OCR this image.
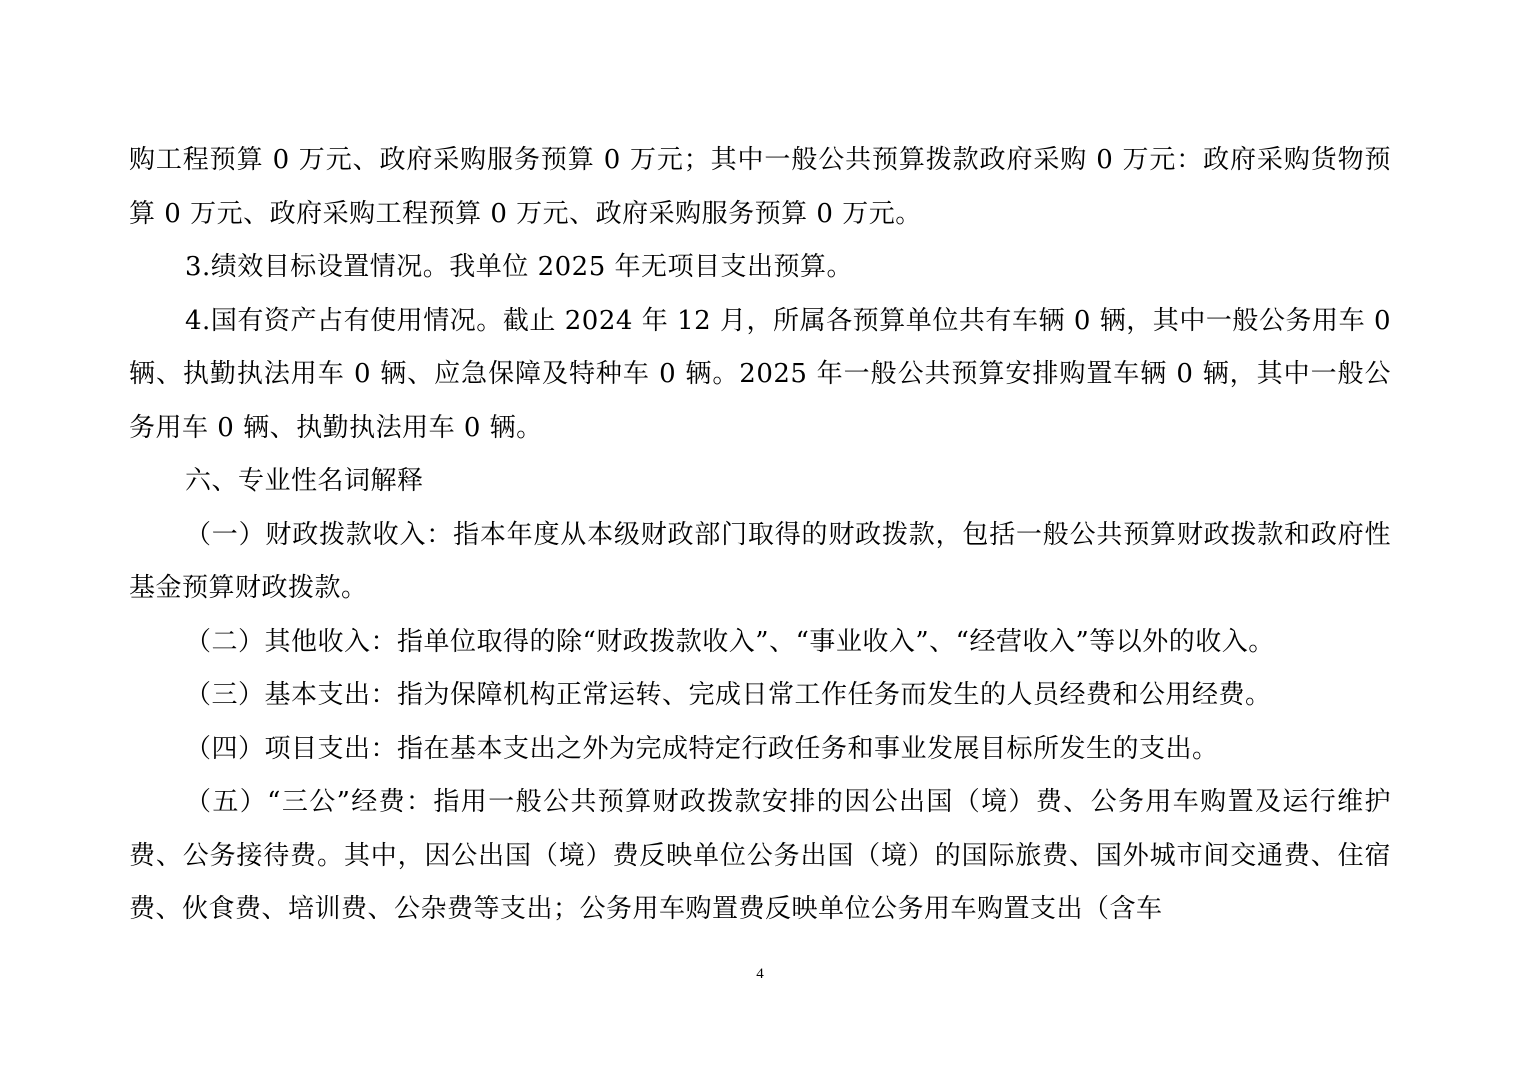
购工程预算 0 万元、政府采购服务预算 0 万元；其中一般公共预算拨款政府采购 0 万元：政府采购货物预算 0 万元、政府采购工程预算 0 万元、政府采购服务预算 0 万元。

3.绩效目标设置情况。我单位 2025 年无项目支出预算。

4.国有资产占有使用情况。截止 2024 年 12 月，所属各预算单位共有车辆 0 辆，其中一般公务用车 0 辆、执勤执法用车 0 辆、应急保障及特种车 0 辆。2025 年一般公共预算安排购置车辆 0 辆，其中一般公务用车 0 辆、执勤执法用车 0 辆。

六、专业性名词解释

（一）财政拨款收入：指本年度从本级财政部门取得的财政拨款，包括一般公共预算财政拨款和政府性基金预算财政拨款。

（二）其他收入：指单位取得的除“财政拨款收入”、“事业收入”、“经营收入”等以外的收入。

（三）基本支出：指为保障机构正常运转、完成日常工作任务而发生的人员经费和公用经费。

（四）项目支出：指在基本支出之外为完成特定行政任务和事业发展目标所发生的支出。

（五）“三公”经费：指用一般公共预算财政拨款安排的因公出国（境）费、公务用车购置及运行维护费、公务接待费。其中，因公出国（境）费反映单位公务出国（境）的国际旅费、国外城市间交通费、住宿费、伙食费、培训费、公杂费等支出；公务用车购置费反映单位公务用车购置支出（含车

4
